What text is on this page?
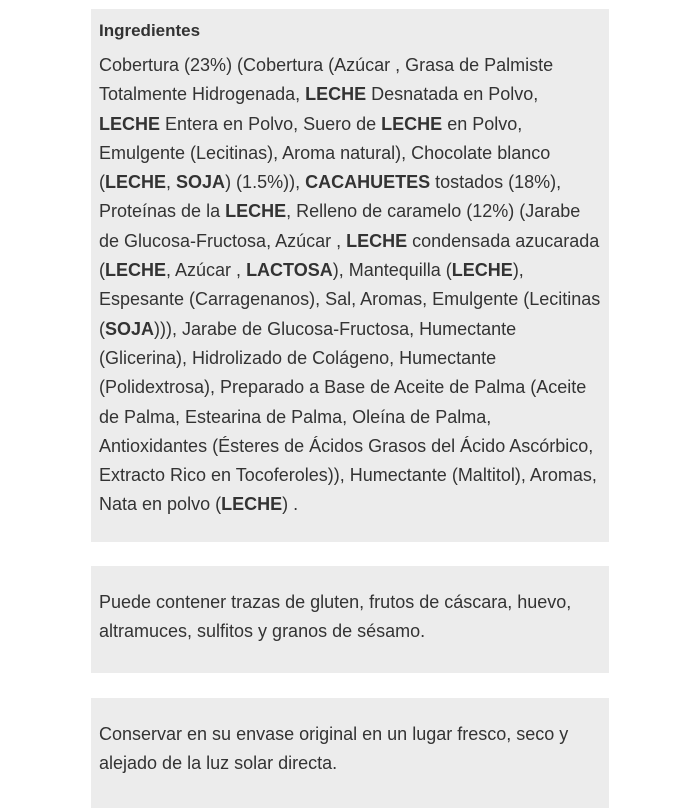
Ingredientes

Cobertura (23%) (Cobertura (Azúcar , Grasa de Palmiste Totalmente Hidrogenada, LECHE Desnatada en Polvo, LECHE Entera en Polvo, Suero de LECHE en Polvo, Emulgente (Lecitinas), Aroma natural), Chocolate blanco (LECHE, SOJA) (1.5%)), CACAHUETES tostados (18%), Proteínas de la LECHE, Relleno de caramelo (12%) (Jarabe de Glucosa-Fructosa, Azúcar , LECHE condensada azucarada (LECHE, Azúcar , LACTOSA), Mantequilla (LECHE), Espesante (Carragenanos), Sal, Aromas, Emulgente (Lecitinas (SOJA))), Jarabe de Glucosa-Fructosa, Humectante (Glicerina), Hidrolizado de Colágeno, Humectante (Polidextrosa), Preparado a Base de Aceite de Palma (Aceite de Palma, Estearina de Palma, Oleína de Palma, Antioxidantes (Ésteres de Ácidos Grasos del Ácido Ascórbico, Extracto Rico en Tocoferoles)), Humectante (Maltitol), Aromas, Nata en polvo (LECHE) .

Puede contener trazas de gluten, frutos de cáscara, huevo, altramuces, sulfitos y granos de sésamo.

Conservar en su envase original en un lugar fresco, seco y alejado de la luz solar directa.
